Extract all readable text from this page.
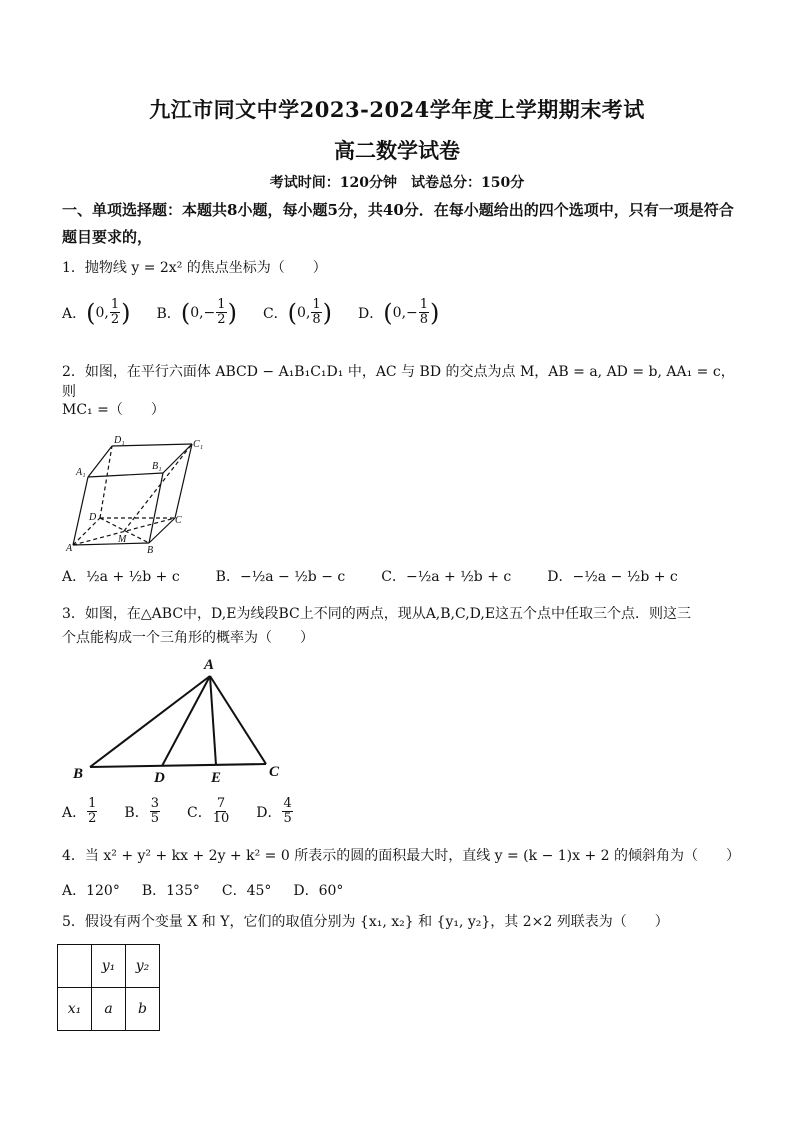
九江市同文中学2023-2024学年度上学期期末考试
高二数学试卷
考试时间：120分钟　试卷总分：150分
一、单项选择题：本题共8小题，每小题5分，共40分．在每小题给出的四个选项中，只有一项是符合题目要求的，
1．抛物线 y = 2x² 的焦点坐标为（　　）
A． ( 0, $\frac{1}{2}$ ) B． ( $0,- \frac{1}{2}$ ) C． ( 0, $\frac{1}{8}$ ) D． ( $0,- \frac{1}{8}$ )
2．如图，在平行六面体 ABCD − A₁B₁C₁D₁ 中，AC 与 BD 的交点为点 M，AB = a, AD = b, AA₁ = c，则
MC₁ =（　　）
D₁	C₁
A₁
B₁
D	C
A
M
B
A．½a + ½b + c	B．−½a − ½b − c	C．−½a + ½b + c	D．−½a − ½b + c
3．如图，在△ABC中，D,E为线段BC上不同的两点，现从A,B,C,D,E这五个点中任取三个点．则这三
个点能构成一个三角形的概率为（　　）
A
B	D	E	C
A． $\frac{1}{2}$ B． $\frac{3}{5}$ C． $\frac{7}{10}$ D． $\frac{4}{5}$
4．当 x² + y² + kx + 2y + k² = 0 所表示的圆的面积最大时，直线 y = (k − 1)x + 2 的倾斜角为（　　）
A．120° B．135° C．45° D．60°
5．假设有两个变量 X 和 Y，它们的取值分别为 {x₁, x₂} 和 {y₁, y₂}，其 2×2 列联表为（　　）
	y₁	y₂
x₁	a	b
